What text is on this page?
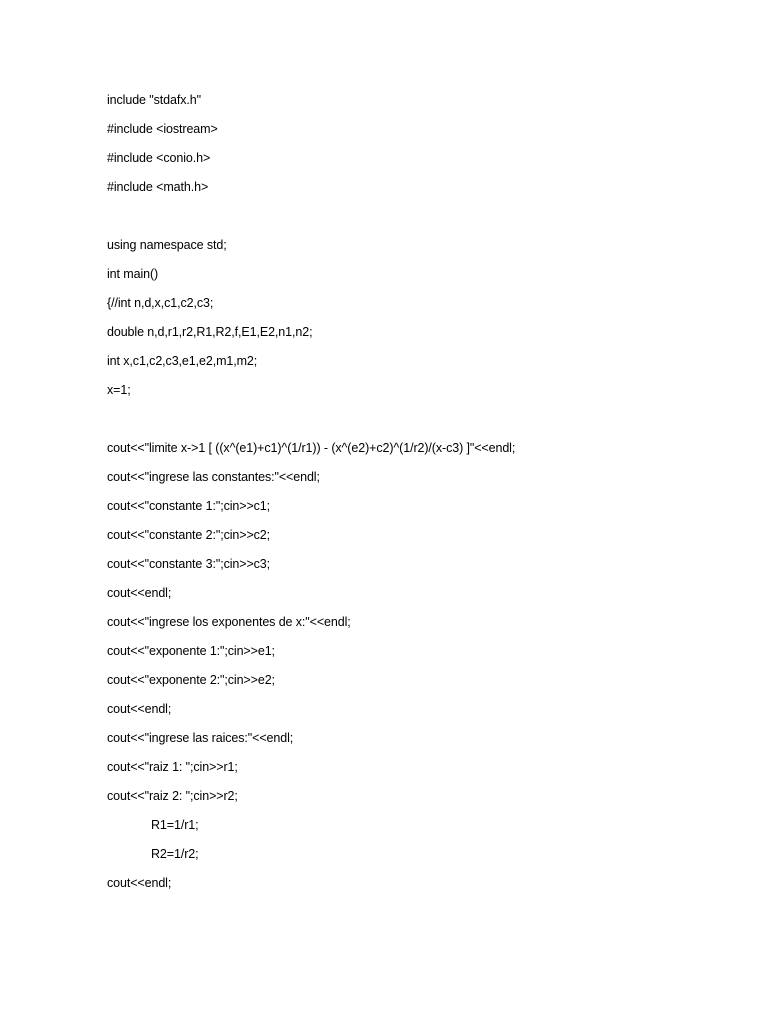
include "stdafx.h"
#include <iostream>
#include <conio.h>
#include <math.h>
using namespace std;
int main()
{//int n,d,x,c1,c2,c3;
double n,d,r1,r2,R1,R2,f,E1,E2,n1,n2;
int x,c1,c2,c3,e1,e2,m1,m2;
x=1;
cout<<"limite x->1 [ ((x^(e1)+c1)^(1/r1)) - (x^(e2)+c2)^(1/r2)/(x-c3) ]"<<endl;
cout<<"ingrese las constantes:"<<endl;
cout<<"constante 1:";cin>>c1;
cout<<"constante 2:";cin>>c2;
cout<<"constante 3:";cin>>c3;
cout<<endl;
cout<<"ingrese los exponentes de x:"<<endl;
cout<<"exponente 1:";cin>>e1;
cout<<"exponente 2:";cin>>e2;
cout<<endl;
cout<<"ingrese las raices:"<<endl;
cout<<"raiz 1: ";cin>>r1;
cout<<"raiz 2: ";cin>>r2;
R1=1/r1;
R2=1/r2;
cout<<endl;
